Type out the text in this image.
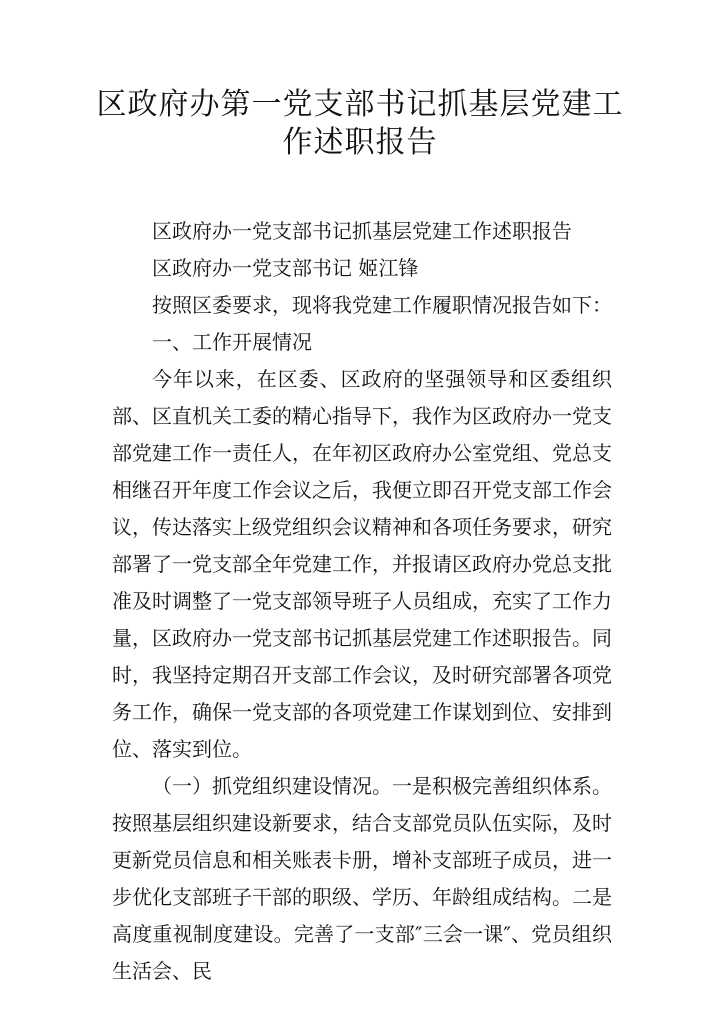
区政府办第一党支部书记抓基层党建工
作述职报告

区政府办一党支部书记抓基层党建工作述职报告

区政府办一党支部书记 姬江锋

按照区委要求，现将我党建工作履职情况报告如下：

一、工作开展情况

今年以来，在区委、区政府的坚强领导和区委组织部、区直机关工委的精心指导下，我作为区政府办一党支部党建工作一责任人，在年初区政府办公室党组、党总支相继召开年度工作会议之后，我便立即召开党支部工作会议，传达落实上级党组织会议精神和各项任务要求，研究部署了一党支部全年党建工作，并报请区政府办党总支批准及时调整了一党支部领导班子人员组成，充实了工作力量，区政府办一党支部书记抓基层党建工作述职报告。同时，我坚持定期召开支部工作会议，及时研究部署各项党务工作，确保一党支部的各项党建工作谋划到位、安排到位、落实到位。

（一）抓党组织建设情况。一是积极完善组织体系。按照基层组织建设新要求，结合支部党员队伍实际，及时更新党员信息和相关账表卡册，增补支部班子成员，进一步优化支部班子干部的职级、学历、年龄组成结构。二是高度重视制度建设。完善了一支部″三会一课″、党员组织生活会、民
